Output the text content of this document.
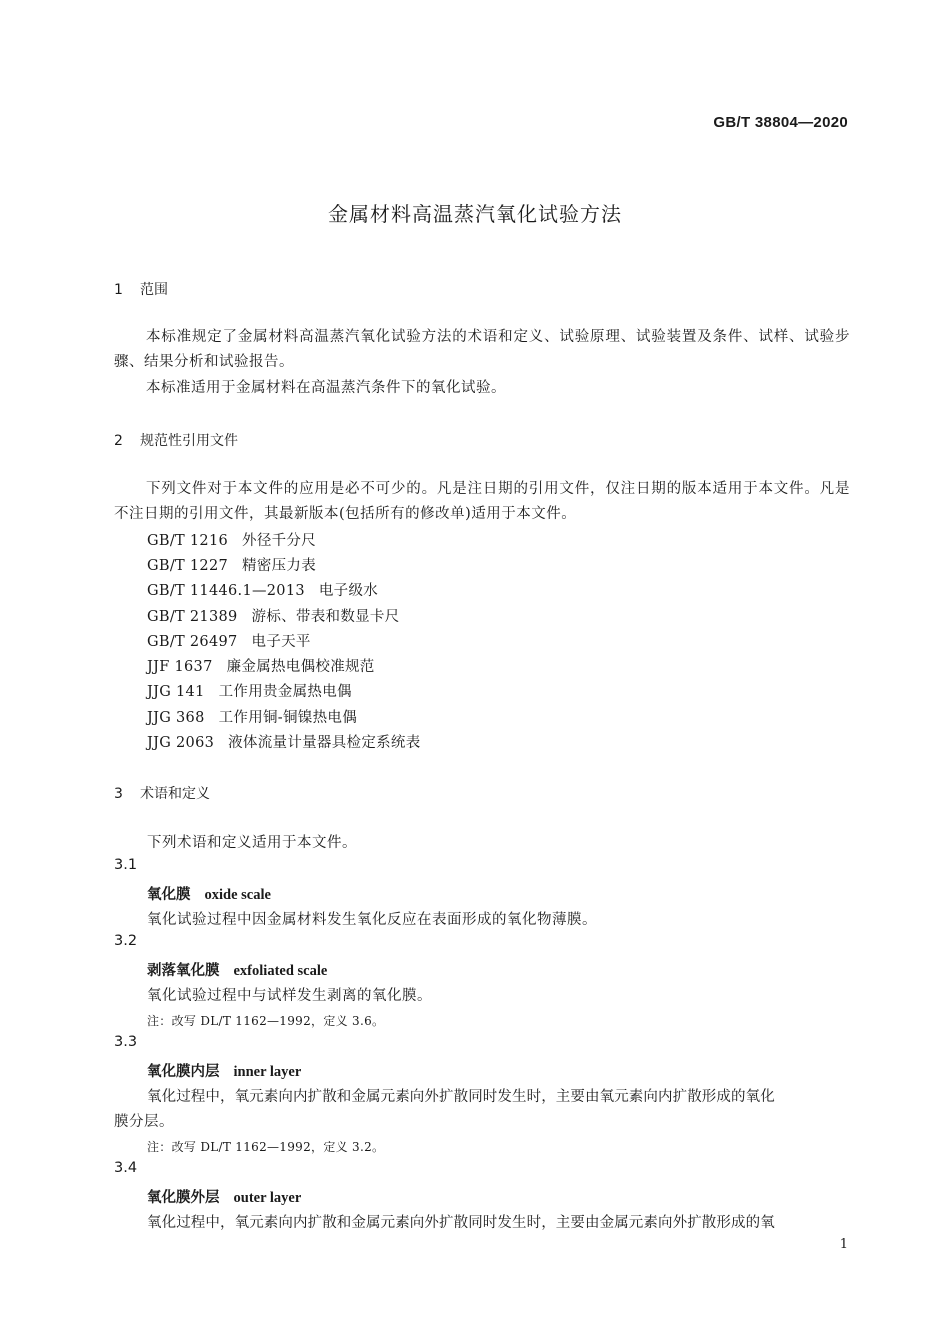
GB/T 38804—2020
金属材料高温蒸汽氧化试验方法
1 范围
本标准规定了金属材料高温蒸汽氧化试验方法的术语和定义、试验原理、试验装置及条件、试样、试验步骤、结果分析和试验报告。
本标准适用于金属材料在高温蒸汽条件下的氧化试验。
2 规范性引用文件
下列文件对于本文件的应用是必不可少的。凡是注日期的引用文件，仅注日期的版本适用于本文件。凡是不注日期的引用文件，其最新版本(包括所有的修改单)适用于本文件。
GB/T 1216 外径千分尺
GB/T 1227 精密压力表
GB/T 11446.1—2013 电子级水
GB/T 21389 游标、带表和数显卡尺
GB/T 26497 电子天平
JJF 1637 廉金属热电偶校准规范
JJG 141 工作用贵金属热电偶
JJG 368 工作用铜-铜镍热电偶
JJG 2063 液体流量计量器具检定系统表
3 术语和定义
下列术语和定义适用于本文件。
3.1
氧化膜 oxide scale
氧化试验过程中因金属材料发生氧化反应在表面形成的氧化物薄膜。
3.2
剥落氧化膜 exfoliated scale
氧化试验过程中与试样发生剥离的氧化膜。
注：改写 DL/T 1162—1992，定义 3.6。
3.3
氧化膜内层 inner layer
氧化过程中，氧元素向内扩散和金属元素向外扩散同时发生时，主要由氧元素向内扩散形成的氧化
膜分层。
注：改写 DL/T 1162—1992，定义 3.2。
3.4
氧化膜外层 outer layer
氧化过程中，氧元素向内扩散和金属元素向外扩散同时发生时，主要由金属元素向外扩散形成的氧
1
